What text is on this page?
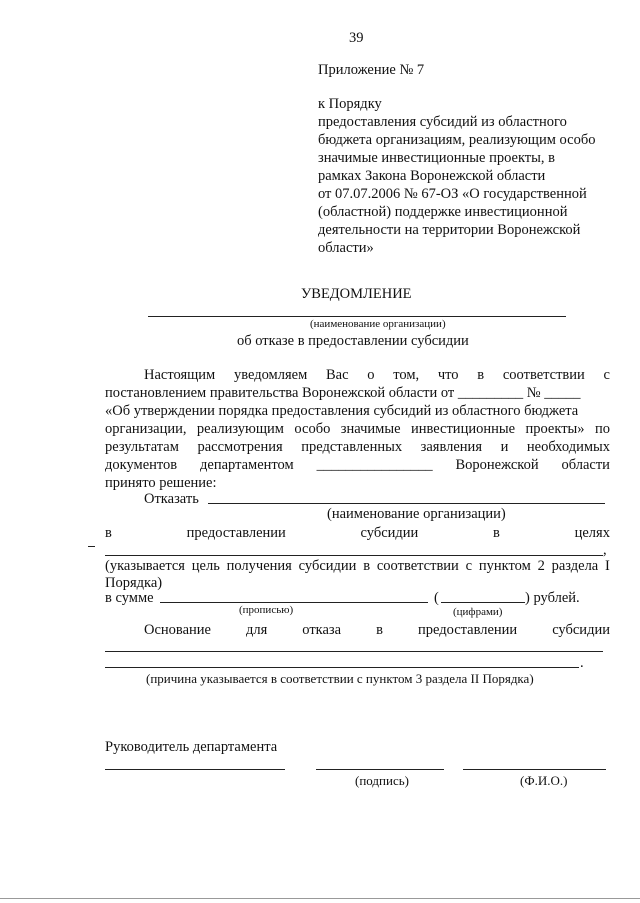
39
Приложение № 7
к Порядку
предоставления субсидий из областного
бюджета организациям, реализующим особо
значимые инвестиционные проекты, в
рамках Закона Воронежской области
от 07.07.2006 № 67-ОЗ «О государственной
(областной) поддержке инвестиционной
деятельности на территории Воронежской
области»
УВЕДОМЛЕНИЕ
(наименование организации)
об отказе в предоставлении субсидии
Настоящим уведомляем Вас о том, что в соответствии с
постановлением правительства Воронежской области от _________ № _____
«Об утверждении порядка предоставления субсидий из областного бюджета
организации, реализующим особо значимые инвестиционные проекты» по
результатам рассмотрения представленных заявления и необходимых
документов департаментом ________________ Воронежской области
принято решение:
Отказать
(наименование организации)
в	предоставлении	субсидии	в	целях
,
(указывается цель получения субсидии в соответствии с пунктом 2 раздела I
Порядка)
в сумме	(	) рублей.
(прописью)	(цифрами)
Основание для отказа в предоставлении субсидии
.
(причина указывается в соответствии с пунктом 3 раздела II Порядка)
Руководитель департамента
(подпись)	(Ф.И.О.)
